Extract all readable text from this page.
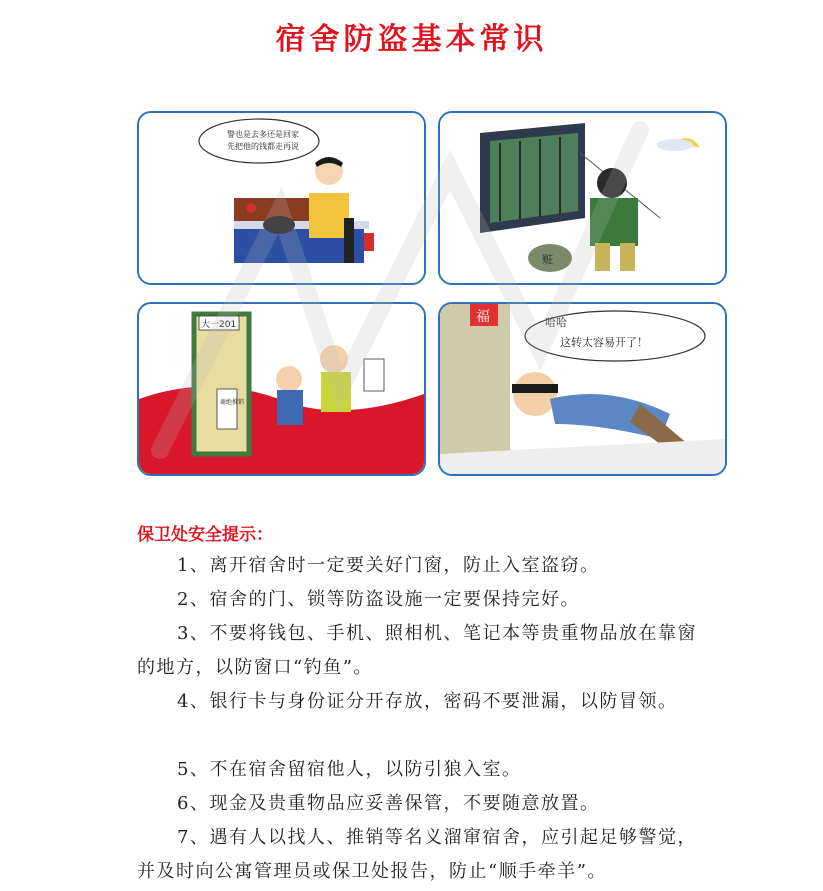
宿舍防盗基本常识
警也是去多还是回家
先把他的钱都走再说
赃
大一201
谢绝推销
福	哈哈
这转太容易开了！
保卫处安全提示：
1、离开宿舍时一定要关好门窗，防止入室盗窃。
2、宿舍的门、锁等防盗设施一定要保持完好。
3、不要将钱包、手机、照相机、笔记本等贵重物品放在靠窗的地方，以防窗口“钓鱼”。
4、银行卡与身份证分开存放，密码不要泄漏，以防冒领。
5、不在宿舍留宿他人，以防引狼入室。
6、现金及贵重物品应妥善保管，不要随意放置。
7、遇有人以找人、推销等名义溜窜宿舍，应引起足够警觉，并及时向公寓管理员或保卫处报告，防止“顺手牵羊”。
